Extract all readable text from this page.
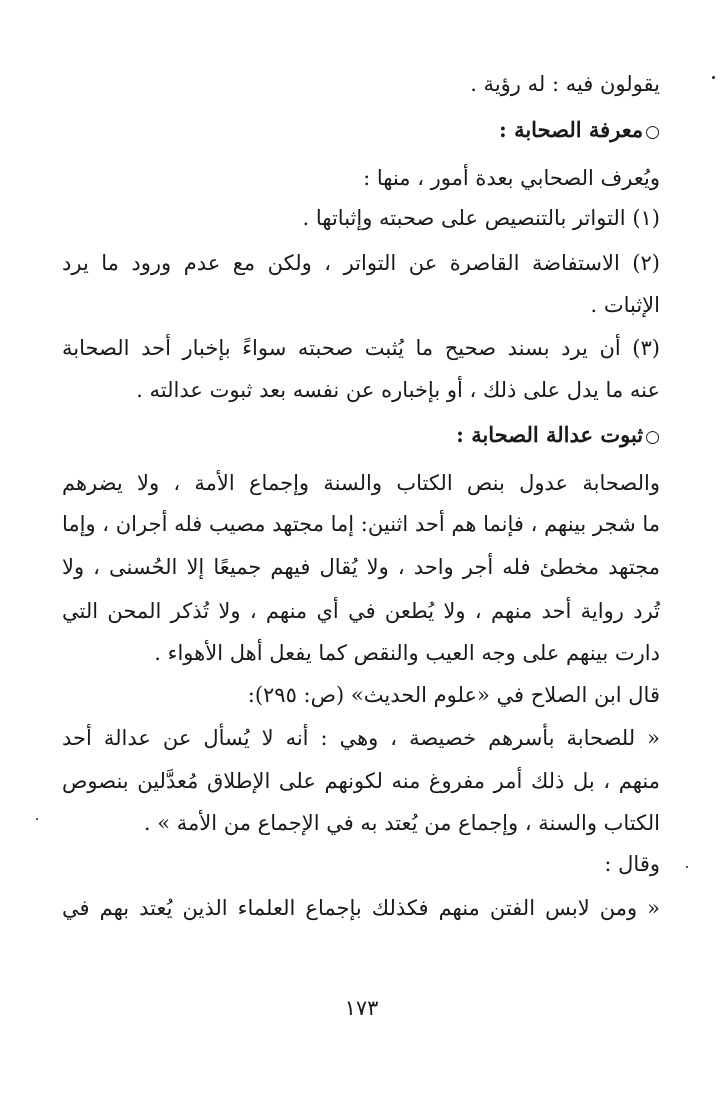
يقولون فيه : له رؤية .
○معرفة الصحابة :
ويُعرف الصحابي بعدة أمور ، منها :
(١) التواتر بالتنصيص على صحبته وإثباتها .
(٢) الاستفاضة القاصرة عن التواتر ، ولكن مع عدم ورود ما يرد
الإثبات .
(٣) أن يرد بسند صحيح ما يُثبت صحبته سواءً بإخبار أحد الصحابة
عنه ما يدل على ذلك ، أو بإخباره عن نفسه بعد ثبوت عدالته .
○ثبوت عدالة الصحابة :
والصحابة عدول بنص الكتاب والسنة وإجماع الأمة ، ولا يضرهم
ما شجر بينهم ، فإنما هم أحد اثنين: إما مجتهد مصيب فله أجران ، وإما
مجتهد مخطئ فله أجر واحد ، ولا يُقال فيهم جميعًا إلا الحُسنى ، ولا
تُرد رواية أحد منهم ، ولا يُطعن في أي منهم ، ولا تُذكر المحن التي
دارت بينهم على وجه العيب والنقص كما يفعل أهل الأهواء .
قال ابن الصلاح في «علوم الحديث» (ص: ٢٩٥):
« للصحابة بأسرهم خصيصة ، وهي : أنه لا يُسأل عن عدالة أحد
منهم ، بل ذلك أمر مفروغ منه لكونهم على الإطلاق مُعدَّلين بنصوص
الكتاب والسنة ، وإجماع من يُعتد به في الإجماع من الأمة » .
وقال :
« ومن لابس الفتن منهم فكذلك بإجماع العلماء الذين يُعتد بهم في
١٧٣
